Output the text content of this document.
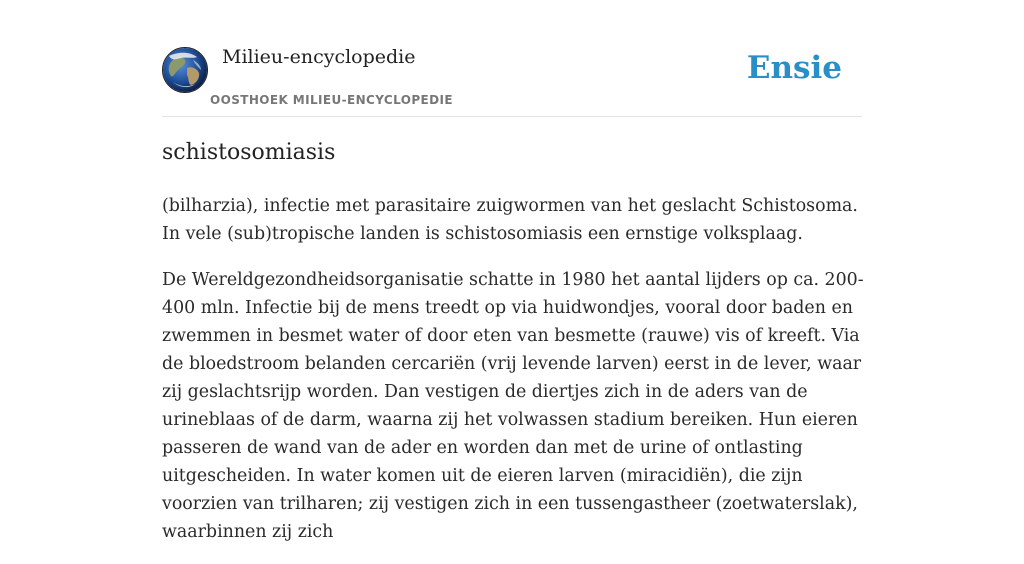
Milieu-encyclopedie
OOSTHOEK MILIEU-ENCYCLOPEDIE
Ensie
schistosomiasis

(bilharzia), infectie met parasitaire zuigwormen van het geslacht Schistosoma. In vele (sub)tropische landen is schistosomiasis een ernstige volksplaag.

De Wereldgezondheidsorganisatie schatte in 1980 het aantal lijders op ca. 200-400 mln. Infectie bij de mens treedt op via huidwondjes, vooral door baden en zwemmen in besmet water of door eten van besmette (rauwe) vis of kreeft. Via de bloedstroom belanden cercariën (vrij levende larven) eerst in de lever, waar zij geslachtsrijp worden. Dan vestigen de diertjes zich in de aders van de urineblaas of de darm, waarna zij het volwassen stadium bereiken. Hun eieren passeren de wand van de ader en worden dan met de urine of ontlasting uitgescheiden. In water komen uit de eieren larven (miracidiën), die zijn voorzien van trilharen; zij vestigen zich in een tussengastheer (zoetwaterslak), waarbinnen zij zich
